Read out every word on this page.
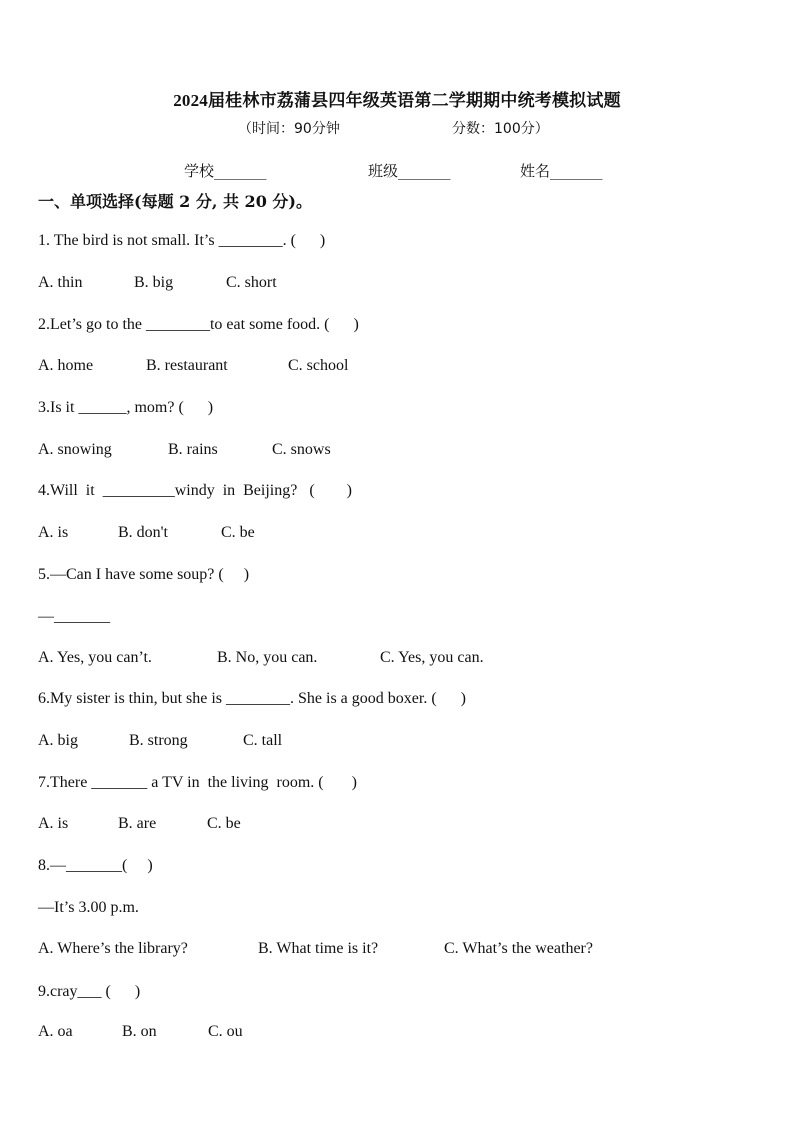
2024届桂林市荔蒲县四年级英语第二学期期中统考模拟试题
（时间：90分钟	分数：100分）
学校_______	班级_______	姓名_______
一、单项选择(每题 2 分, 共 20 分)。
1. The bird is not small. It’s ________. (      )
A. thin	B. big	C. short
2.Let’s go to the ________to eat some food. (      )
A. home	B. restaurant	C. school
3.Is it ______, mom? (      )
A. snowing	B. rains	C. snows
4.Will  it  _________windy  in  Beijing?   (        )
A. is	B. don't	C. be
5.—Can I have some soup? (     )
—_______
A. Yes, you can’t.	B. No, you can.	C. Yes, you can.
6.My sister is thin, but she is ________. She is a good boxer. (      )
A. big	B. strong	C. tall
7.There _______ a TV in  the living  room. (       )
A. is	B. are	C. be
8.—_______(     )
—It’s 3.00 p.m.
A. Where’s the library?	B. What time is it?	C. What’s the weather?
9.cray___ (      )
A. oa	B. on	C. ou
